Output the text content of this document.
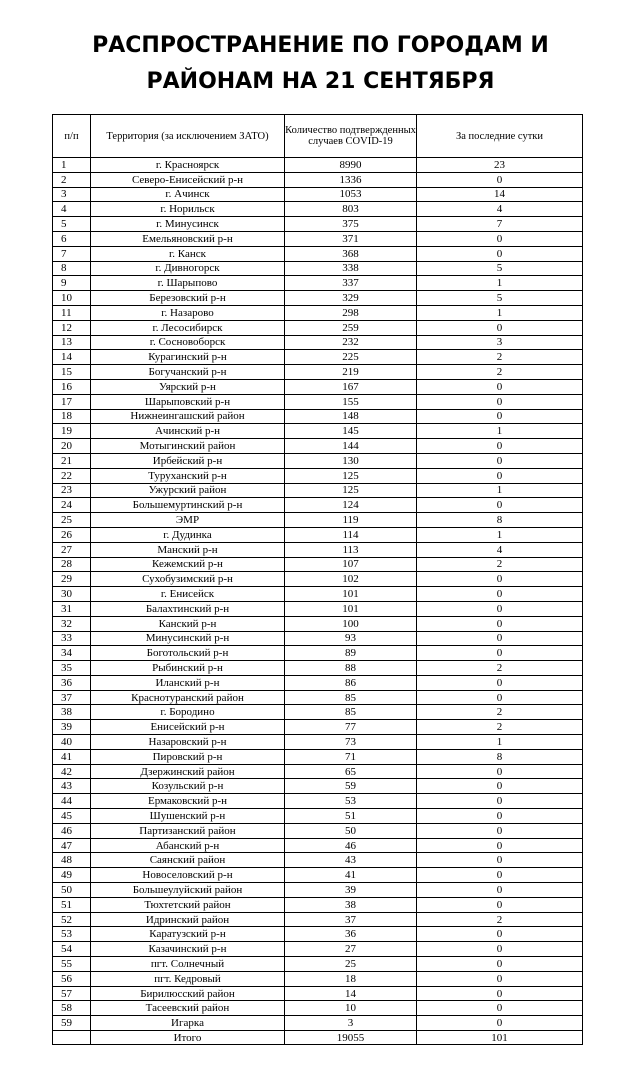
РАСПРОСТРАНЕНИЕ ПО ГОРОДАМ И
РАЙОНАМ НА 21 СЕНТЯБРЯ
п/п	Территория (за исключением ЗАТО)	Количество подтвержденных случаев COVID-19	За последние сутки
1	г. Красноярск	8990	23
2	Северо-Енисейский р-н	1336	0
3	г. Ачинск	1053	14
4	г. Норильск	803	4
5	г. Минусинск	375	7
6	Емельяновский р-н	371	0
7	г. Канск	368	0
8	г. Дивногорск	338	5
9	г. Шарыпово	337	1
10	Березовский р-н	329	5
11	г. Назарово	298	1
12	г. Лесосибирск	259	0
13	г. Сосновоборск	232	3
14	Курагинский р-н	225	2
15	Богучанский р-н	219	2
16	Уярский р-н	167	0
17	Шарыповский р-н	155	0
18	Нижнеингашский район	148	0
19	Ачинский р-н	145	1
20	Мотыгинский район	144	0
21	Ирбейский р-н	130	0
22	Туруханский р-н	125	0
23	Ужурский район	125	1
24	Большемуртинский р-н	124	0
25	ЭМР	119	8
26	г. Дудинка	114	1
27	Манский р-н	113	4
28	Кежемский р-н	107	2
29	Сухобузимский р-н	102	0
30	г. Енисейск	101	0
31	Балахтинский р-н	101	0
32	Канский р-н	100	0
33	Минусинский р-н	93	0
34	Боготольский р-н	89	0
35	Рыбинский р-н	88	2
36	Иланский р-н	86	0
37	Краснотуранский район	85	0
38	г. Бородино	85	2
39	Енисейский р-н	77	2
40	Назаровский р-н	73	1
41	Пировский р-н	71	8
42	Дзержинский район	65	0
43	Козульский р-н	59	0
44	Ермаковский р-н	53	0
45	Шушенский р-н	51	0
46	Партизанский район	50	0
47	Абанский р-н	46	0
48	Саянский район	43	0
49	Новоселовский р-н	41	0
50	Большеулуйский район	39	0
51	Тюхтетский район	38	0
52	Идринский район	37	2
53	Каратузский р-н	36	0
54	Казачинский р-н	27	0
55	пгт. Солнечный	25	0
56	пгт. Кедровый	18	0
57	Бирилюсский район	14	0
58	Тасеевский район	10	0
59	Игарка	3	0
	Итого	19055	101
